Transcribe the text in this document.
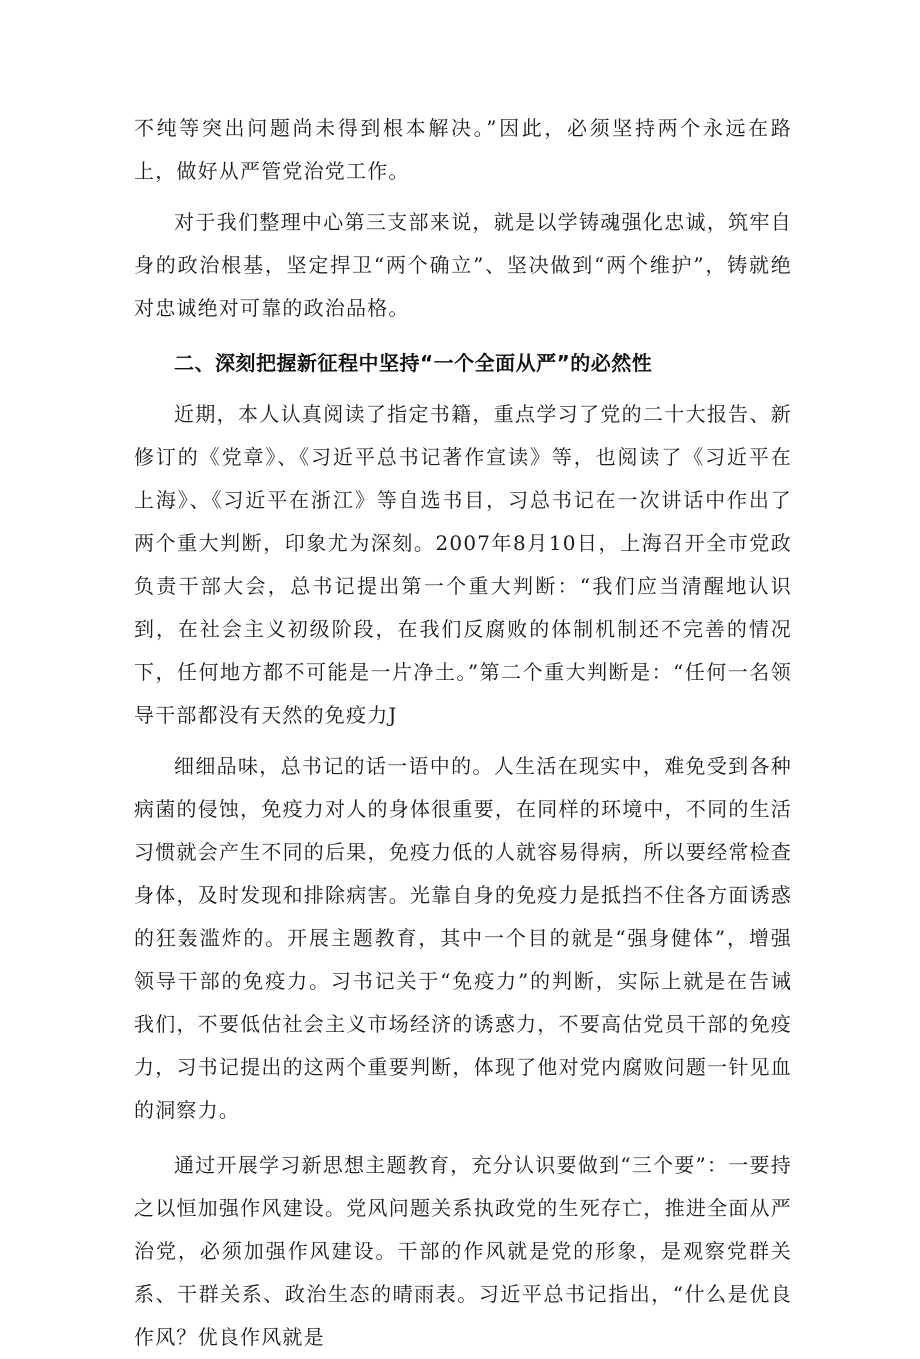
不纯等突出问题尚未得到根本解决。”因此，必须坚持两个永远在路上，做好从严管党治党工作。

对于我们整理中心第三支部来说，就是以学铸魂强化忠诚，筑牢自身的政治根基，坚定捍卫“两个确立”、坚决做到“两个维护”，铸就绝对忠诚绝对可靠的政治品格。

二、深刻把握新征程中坚持“一个全面从严”的必然性

近期，本人认真阅读了指定书籍，重点学习了党的二十大报告、新修订的《党章》、《习近平总书记著作宣读》等，也阅读了《习近平在上海》、《习近平在浙江》等自选书目，习总书记在一次讲话中作出了两个重大判断，印象尤为深刻。2007年8月10日，上海召开全市党政负责干部大会，总书记提出第一个重大判断：“我们应当清醒地认识到，在社会主义初级阶段，在我们反腐败的体制机制还不完善的情况下，任何地方都不可能是一片净土。”第二个重大判断是：“任何一名领导干部都没有天然的免疫力J

细细品味，总书记的话一语中的。人生活在现实中，难免受到各种病菌的侵蚀，免疫力对人的身体很重要，在同样的环境中，不同的生活习惯就会产生不同的后果，免疫力低的人就容易得病，所以要经常检查身体，及时发现和排除病害。光靠自身的免疫力是抵挡不住各方面诱惑的狂轰滥炸的。开展主题教育，其中一个目的就是“强身健体”，增强领导干部的免疫力。习书记关于“免疫力”的判断，实际上就是在告诫我们，不要低估社会主义市场经济的诱惑力，不要高估党员干部的免疫力，习书记提出的这两个重要判断，体现了他对党内腐败问题一针见血的洞察力。

通过开展学习新思想主题教育，充分认识要做到“三个要”：一要持之以恒加强作风建设。党风问题关系执政党的生死存亡，推进全面从严治党，必须加强作风建设。干部的作风就是党的形象，是观察党群关系、干群关系、政治生态的晴雨表。习近平总书记指出，“什么是优良作风？优良作风就是
